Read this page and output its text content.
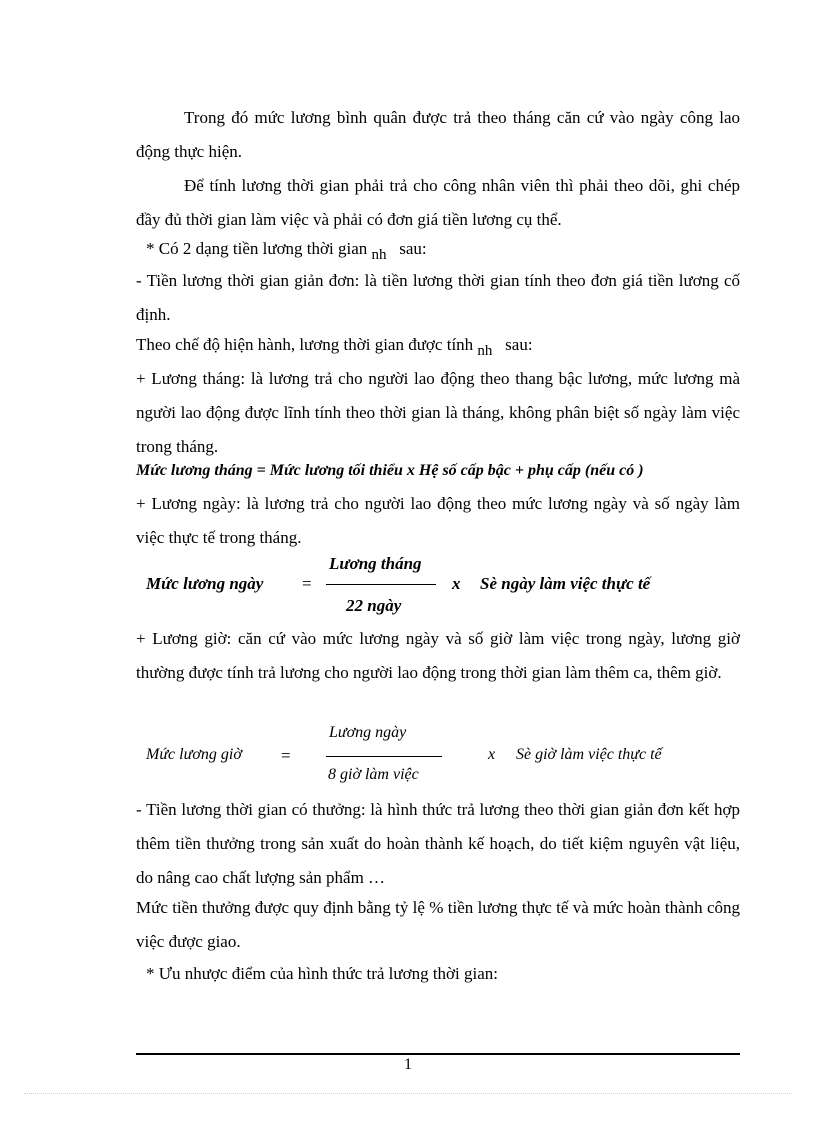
Trong đó mức lương bình quân được trả theo tháng căn cứ vào ngày công lao động thực hiện.

Để tính lương thời gian phải trả cho công nhân viên thì phải theo dõi, ghi chép đầy đủ thời gian làm việc và phải có đơn giá tiền lương cụ thể.

* Có 2 dạng tiền lương thời gian nh sau:

- Tiền lương thời gian giản đơn: là tiền lương thời gian tính theo đơn giá tiền lương cố định.

Theo chế độ hiện hành, lương thời gian được tính nh sau:

+ Lương tháng: là lương trả cho người lao động theo thang bậc lương, mức lương mà người lao động được lĩnh tính theo thời gian là tháng, không phân biệt số ngày làm việc trong tháng.

Mức lương tháng = Mức lương tối thiểu x Hệ số cấp bậc + phụ cấp (nếu có )

+ Lương ngày: là lương trả cho người lao động theo mức lương ngày và số ngày làm việc thực tế trong tháng.

Mức lương ngày =
Lương tháng
22 ngày
x Sè ngày làm việc thực tế

+ Lương giờ: căn cứ vào mức lương ngày và số giờ làm việc trong ngày, lương giờ thường được tính trả lương cho người lao động trong thời gian làm thêm ca, thêm giờ.

Mức lương giờ =
Lương ngày
8 giờ làm việc
x Sè giờ làm việc thực tế

- Tiền lương thời gian có thưởng: là hình thức trả lương theo thời gian giản đơn kết hợp thêm tiền thưởng trong sản xuất do hoàn thành kế hoạch, do tiết kiệm nguyên vật liệu, do nâng cao chất lượng sản phẩm …

Mức tiền thưởng được quy định bằng tỷ lệ % tiền lương thực tế và mức hoàn thành công việc được giao.

* Ưu nhược điểm của hình thức trả lương thời gian:

1
